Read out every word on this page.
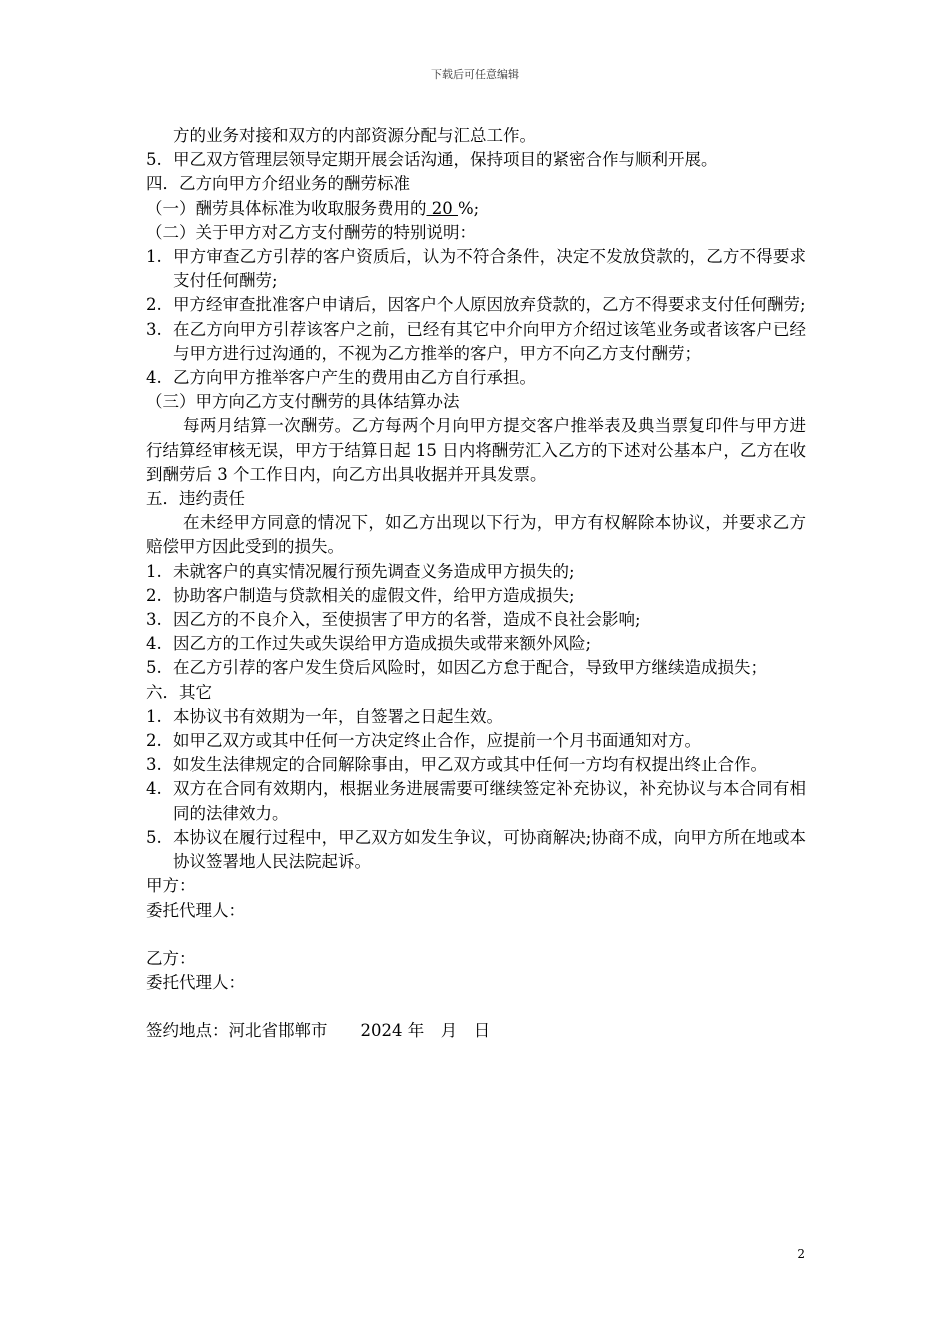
下载后可任意编辑

方的业务对接和双方的内部资源分配与汇总工作。

5. 甲乙双方管理层领导定期开展会话沟通，保持项目的紧密合作与顺利开展。

四．乙方向甲方介绍业务的酬劳标准

（一）酬劳具体标准为收取服务费用的 20 %;

（二）关于甲方对乙方支付酬劳的特别说明：

1. 甲方审查乙方引荐的客户资质后，认为不符合条件，决定不发放贷款的，乙方不得要求支付任何酬劳;
2. 甲方经审查批准客户申请后，因客户个人原因放弃贷款的，乙方不得要求支付任何酬劳;
3. 在乙方向甲方引荐该客户之前，已经有其它中介向甲方介绍过该笔业务或者该客户已经与甲方进行过沟通的，不视为乙方推举的客户，甲方不向乙方支付酬劳；
4. 乙方向甲方推举客户产生的费用由乙方自行承担。

（三）甲方向乙方支付酬劳的具体结算办法

每两月结算一次酬劳。乙方每两个月向甲方提交客户推举表及典当票复印件与甲方进行结算经审核无误，甲方于结算日起 15 日内将酬劳汇入乙方的下述对公基本户，乙方在收到酬劳后 3 个工作日内，向乙方出具收据并开具发票。

五．违约责任

在未经甲方同意的情况下，如乙方出现以下行为，甲方有权解除本协议，并要求乙方赔偿甲方因此受到的损失。

1. 未就客户的真实情况履行预先调查义务造成甲方损失的;
2. 协助客户制造与贷款相关的虚假文件，给甲方造成损失;
3. 因乙方的不良介入，至使损害了甲方的名誉，造成不良社会影响;
4. 因乙方的工作过失或失误给甲方造成损失或带来额外风险;
5. 在乙方引荐的客户发生贷后风险时，如因乙方怠于配合，导致甲方继续造成损失；

六．其它

1. 本协议书有效期为一年，自签署之日起生效。
2. 如甲乙双方或其中任何一方决定终止合作，应提前一个月书面通知对方。
3. 如发生法律规定的合同解除事由，甲乙双方或其中任何一方均有权提出终止合作。
4. 双方在合同有效期内，根据业务进展需要可继续签定补充协议，补充协议与本合同有相同的法律效力。
5. 本协议在履行过程中，甲乙双方如发生争议，可协商解决;协商不成，向甲方所在地或本协议签署地人民法院起诉。

甲方：

委托代理人：

乙方：

委托代理人：

签约地点：河北省邯郸市　　2024 年　月　日

2
